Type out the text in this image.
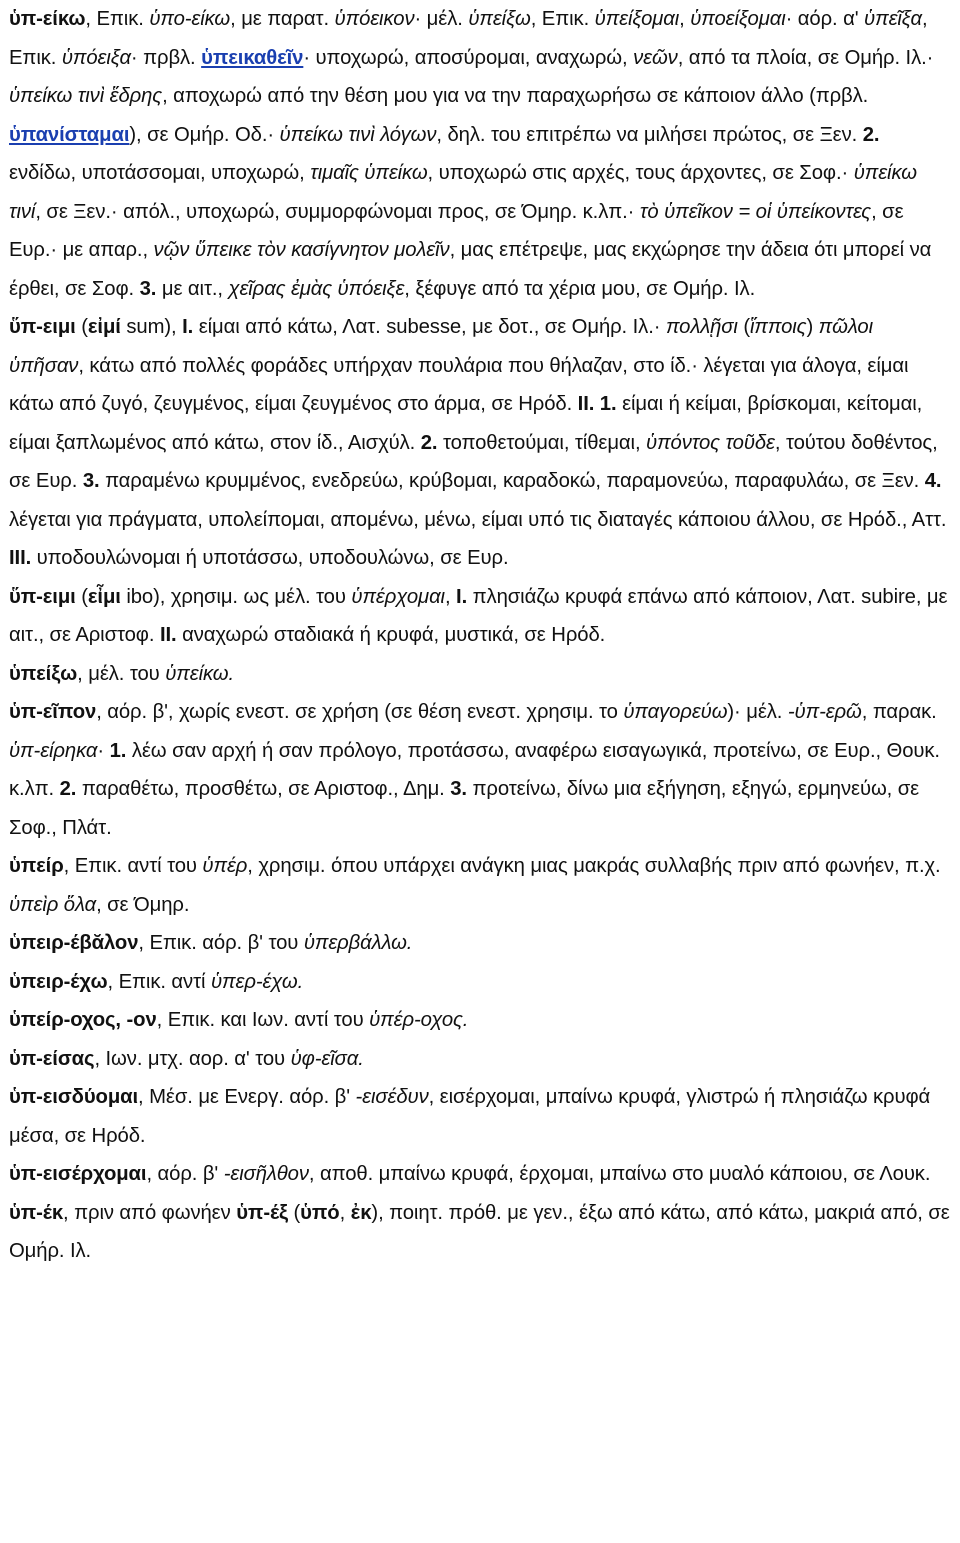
ὑπ-είκω, Επικ. ὑπο-είκω, με παρατ. ὑπόεικον· μέλ. ὑπείξω, Επικ. ὑπείξομαι, ὑποείξομαι· αόρ. αʹ ὑπεῖξα, Επικ. ὑπόειξα· πρβλ. ὑπεικαθεῖν· υποχωρώ, αποσύρομαι, αναχωρώ, νεῶν, από τα πλοία, σε Ομήρ. Ιλ.· ὑπείκω τινὶ ἕδρης, αποχωρώ από την θέση μου για να την παραχωρήσω σε κάποιον άλλο (πρβλ. ὑπανίσταμαι), σε Ομήρ. Οδ.· ὑπείκω τινὶ λόγων, δηλ. του επιτρέπω να μιλήσει πρώτος, σε Ξεν. 2. ενδίδω, υποτάσσομαι, υποχωρώ, τιμαῖς ὑπείκω, υποχωρώ στις αρχές, τους άρχοντες, σε Σοφ.· ὑπείκω τινί, σε Ξεν.· απόλ., υποχωρώ, συμμορφώνομαι προς, σε Όμηρ. κ.λπ.· τὸ ὑπεῖκον = οἱ ὑπείκοντες, σε Ευρ.· με απαρ., νῷν ὕπεικε τὸν κασίγνητον μολεῖν, μας επέτρεψε, μας εκχώρησε την άδεια ότι μπορεί να έρθει, σε Σοφ. 3. με αιτ., χεῖρας ἐμὰς ὑπόειξε, ξέφυγε από τα χέρια μου, σε Ομήρ. Ιλ.

ὕπ-ειμι (εἰμί sum), I. είμαι από κάτω, Λατ. subesse, με δοτ., σε Ομήρ. Ιλ.· πολλῇσι (ἵπποις) πῶλοι ὑπῆσαν, κάτω από πολλές φοράδες υπήρχαν πουλάρια που θήλαζαν, στο ίδ.· λέγεται για άλογα, είμαι κάτω από ζυγό, ζευγμένος, είμαι ζευγμένος στο άρμα, σε Ηρόδ. II. 1. είμαι ή κείμαι, βρίσκομαι, κείτομαι, είμαι ξαπλωμένος από κάτω, στον ίδ., Αισχύλ. 2. τοποθετούμαι, τίθεμαι, ὑπόντος τοῦδε, τούτου δοθέντος, σε Ευρ. 3. παραμένω κρυμμένος, ενεδρεύω, κρύβομαι, καραδοκώ, παραμονεύω, παραφυλάω, σε Ξεν. 4. λέγεται για πράγματα, υπολείπομαι, απομένω, μένω, είμαι υπό τις διαταγές κάποιου άλλου, σε Ηρόδ., Αττ. III. υποδουλώνομαι ή υποτάσσω, υποδουλώνω, σε Ευρ.

ὕπ-ειμι (εἶμι ibo), χρησιμ. ως μέλ. του ὑπέρχομαι, I. πλησιάζω κρυφά επάνω από κάποιον, Λατ. subire, με αιτ., σε Αριστοφ. II. αναχωρώ σταδιακά ή κρυφά, μυστικά, σε Ηρόδ.

ὑπείξω, μέλ. του ὑπείκω.

ὑπ-εῖπον, αόρ. βʹ, χωρίς ενεστ. σε χρήση (σε θέση ενεστ. χρησιμ. το ὑπαγορεύω)· μέλ. -ὑπ-ερῶ, παρακ. ὑπ-είρηκα· 1. λέω σαν αρχή ή σαν πρόλογο, προτάσσω, αναφέρω εισαγωγικά, προτείνω, σε Ευρ., Θουκ. κ.λπ. 2. παραθέτω, προσθέτω, σε Αριστοφ., Δημ. 3. προτείνω, δίνω μια εξήγηση, εξηγώ, ερμηνεύω, σε Σοφ., Πλάτ.

ὑπείρ, Επικ. αντί του ὑπέρ, χρησιμ. όπου υπάρχει ανάγκη μιας μακράς συλλαβής πριν από φωνήεν, π.χ. ὑπεὶρ ὅλα, σε Όμηρ.

ὑπειρ-έβᾰλον, Επικ. αόρ. βʹ του ὑπερβάλλω.

ὑπειρ-έχω, Επικ. αντί ὑπερ-έχω.

ὑπείρ-οχος, -ον, Επικ. και Ιων. αντί του ὑπέρ-οχος.

ὑπ-είσας, Ιων. μτχ. αορ. αʹ του ὑφ-εῖσα.

ὑπ-εισδύομαι, Μέσ. με Ενεργ. αόρ. βʹ -εισέδυν, εισέρχομαι, μπαίνω κρυφά, γλιστρώ ή πλησιάζω κρυφά μέσα, σε Ηρόδ.

ὑπ-εισέρχομαι, αόρ. βʹ -εισῆλθον, αποθ. μπαίνω κρυφά, έρχομαι, μπαίνω στο μυαλό κάποιου, σε Λουκ.

ὑπ-έκ, πριν από φωνήεν ὑπ-έξ (ὑπό, ἐκ), ποιητ. πρόθ. με γεν., έξω από κάτω, από κάτω, μακριά από, σε Ομήρ. Ιλ.
